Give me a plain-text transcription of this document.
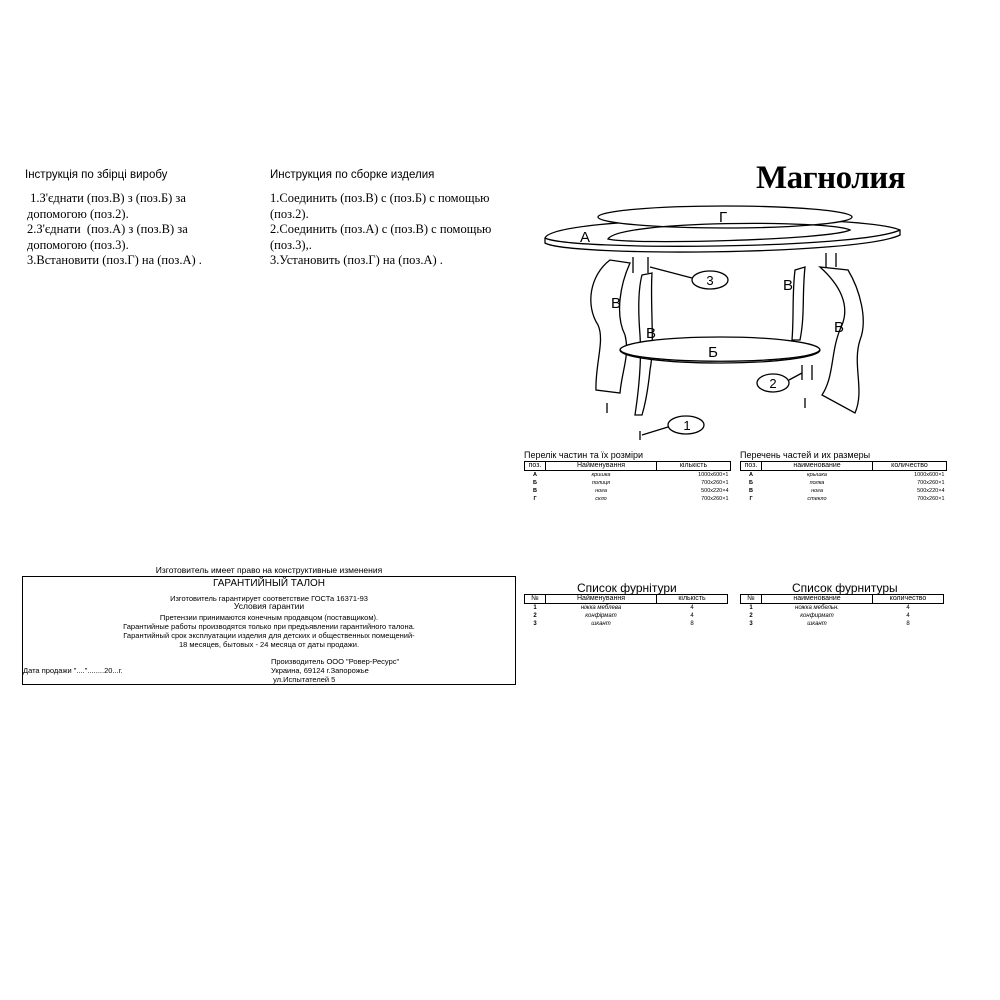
Інструкція по збірці виробу
1.З'єднати (поз.В) з (поз.Б) за
допомогою (поз.2).
2.З'єднати  (поз.А) з (поз.В) за
допомогою (поз.3).
3.Встановити (поз.Г) на (поз.А) .
Инструкция по сборке изделия
1.Соединить (поз.В) с (поз.Б) с помощью
(поз.2).
2.Соединить (поз.А) с (поз.В) с помощью
(поз.3),.
3.Установить (поз.Г) на (поз.А) .
Магнолия
Г
А
В
В
В
В
Б
3
2
1
Перелік частин та їх розміри
поз.	Найменування	кількість
А	кришка	1000x600×1
Б	полиця	700x260×1
В	нога	500x220×4
Г	скло	700x260×1
Перечень частей и их размеры
поз.	наименование	количество
А	крышка	1000x600×1
Б	полка	700x260×1
В	нога	500x220×4
Г	стекло	700x260×1
Изготовитель имеет право на конструктивные изменения
ГАРАНТИЙНЫЙ ТАЛОН
Изготовитель гарантирует соответствие ГОСТа 16371-93
Условия гарантии
Претензии принимаются конечным продавцом (поставщиком).
Гарантийные работы производятся только при предъявлении гарантийного талона.
Гарантийный срок эксплуатации изделия для детских и общественных помещений-
18 месяцев, бытовых - 24 месяца от даты продажи.
Производитель ООО "Ровер-Ресурс"
Дата продажи "...."........20...г.	Украина, 69124 г.Запорожье
ул.Испытателей 5
Список фурнітури
№	Найменування	кількість
1	ніжка меблева	4
2	конфірмат	4
3	шкант	8
Список фурнитуры
№	наименование	количество
1	ножка мебельн.	4
2	конфирмат	4
3	шкант	8
